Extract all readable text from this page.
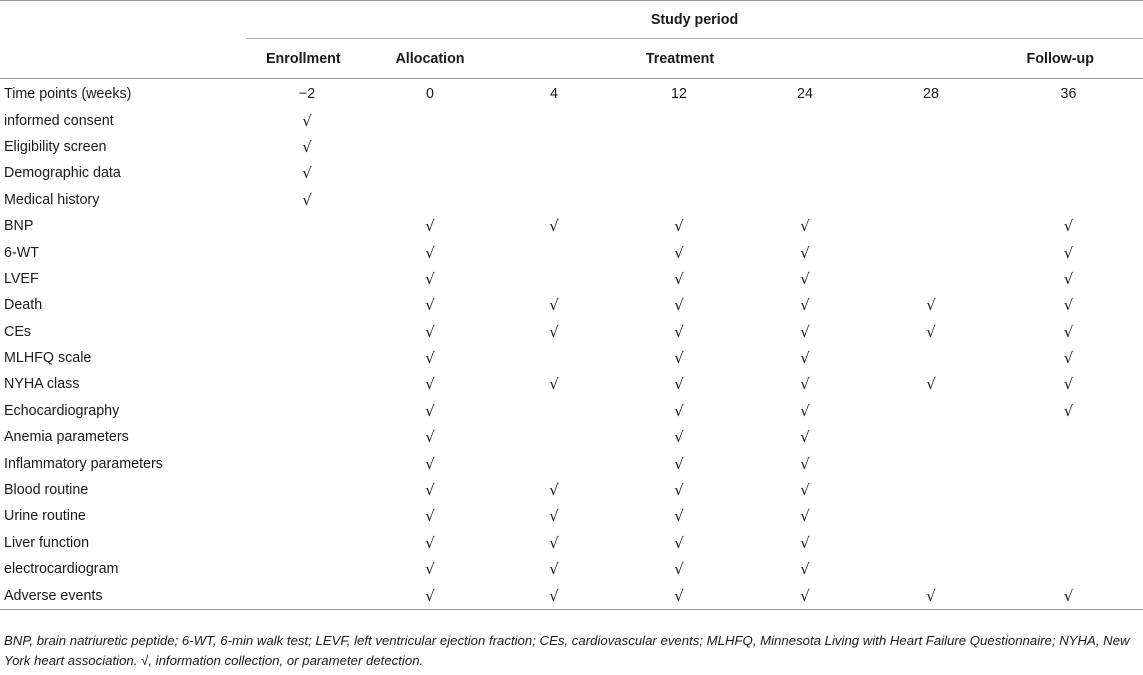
Study period							
	Enrollment	Allocation	Treatment			Follow-up	
Time points (weeks)	−2	0	4	12	24	28	36
informed consent	√						
Eligibility screen	√						
Demographic data	√						
Medical history	√						
BNP		√	√	√	√		√
6-WT		√		√	√		√
LVEF		√		√	√		√
Death		√	√	√	√	√	√
CEs		√	√	√	√	√	√
MLHFQ scale		√		√	√		√
NYHA class		√	√	√	√	√	√
Echocardiography		√		√	√		√
Anemia parameters		√		√	√		
Inflammatory parameters		√		√	√		
Blood routine		√	√	√	√		
Urine routine		√	√	√	√		
Liver function		√	√	√	√		
electrocardiogram		√	√	√	√		
Adverse events		√	√	√	√	√	√
BNP, brain natriuretic peptide; 6-WT, 6-min walk test; LEVF, left ventricular ejection fraction; CEs, cardiovascular events; MLHFQ, Minnesota Living with Heart Failure Questionnaire; NYHA, New York heart association. √, information collection, or parameter detection.
